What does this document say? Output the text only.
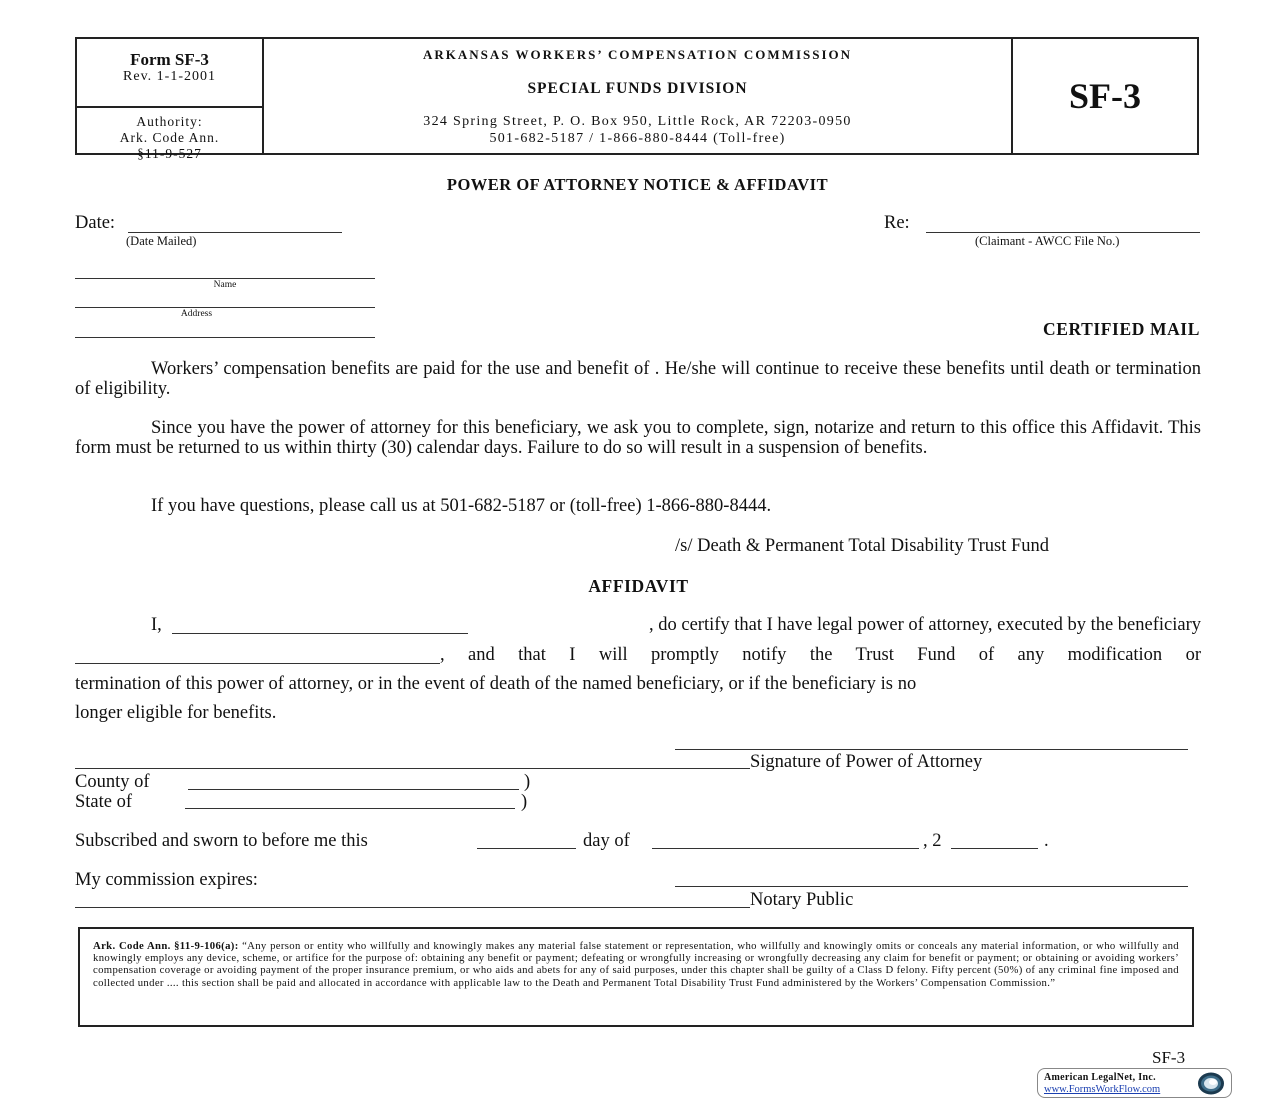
Form SF-3
Rev. 1-1-2001
Authority:
Ark. Code Ann.
§11-9-527
ARKANSAS WORKERS’ COMPENSATION COMMISSION
SPECIAL FUNDS DIVISION
324 Spring Street, P. O. Box 950, Little Rock, AR 72203-0950
501-682-5187 / 1-866-880-8444 (Toll-free)
SF-3
POWER OF ATTORNEY NOTICE & AFFIDAVIT
Date:
(Date Mailed)
Re:
(Claimant - AWCC File No.)
Name
Address
CERTIFIED MAIL
Workers’ compensation benefits are paid for the use and benefit of . He/she will continue to receive these benefits until death or termination of eligibility.
Since you have the power of attorney for this beneficiary, we ask you to complete, sign, notarize and return to this office this Affidavit. This form must be returned to us within thirty (30) calendar days. Failure to do so will result in a suspension of benefits.
If you have questions, please call us at 501-682-5187 or (toll-free) 1-866-880-8444.
/s/ Death & Permanent Total Disability Trust Fund
AFFIDAVIT
I,	, do certify that I have legal power of attorney, executed by the beneficiary
, and that I will promptly notify the Trust Fund of any modification or
termination of this power of attorney, or in the event of death of the named beneficiary, or if the beneficiary is no
longer eligible for benefits.
Signature of Power of Attorney
County of	)
State of	)
Subscribed and sworn to before me this	day of	, 2	.
My commission expires:
Notary Public
Ark. Code Ann. §11-9-106(a): “Any person or entity who willfully and knowingly makes any material false statement or representation, who willfully and knowingly omits or conceals any material information, or who willfully and knowingly employs any device, scheme, or artifice for the purpose of: obtaining any benefit or payment; defeating or wrongfully increasing or wrongfully decreasing any claim for benefit or payment; or obtaining or avoiding workers’ compensation coverage or avoiding payment of the proper insurance premium, or who aids and abets for any of said purposes, under this chapter shall be guilty of a Class D felony. Fifty percent (50%) of any criminal fine imposed and collected under .... this section shall be paid and allocated in accordance with applicable law to the Death and Permanent Total Disability Trust Fund administered by the Workers’ Compensation Commission.”
SF-3
American LegalNet, Inc.
www.FormsWorkFlow.com
